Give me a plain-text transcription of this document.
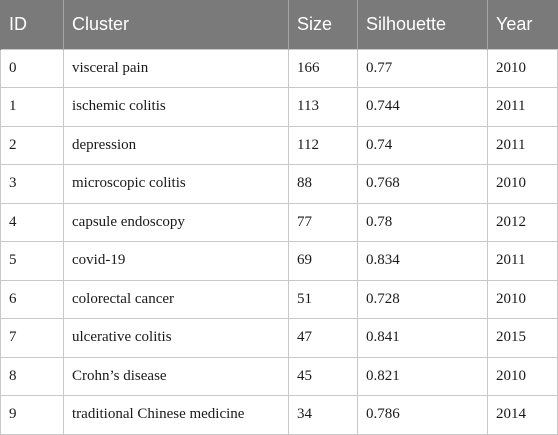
ID	Cluster	Size	Silhouette	Year
0	visceral pain	166	0.77	2010
1	ischemic colitis	113	0.744	2011
2	depression	112	0.74	2011
3	microscopic colitis	88	0.768	2010
4	capsule endoscopy	77	0.78	2012
5	covid-19	69	0.834	2011
6	colorectal cancer	51	0.728	2010
7	ulcerative colitis	47	0.841	2015
8	Crohn’s disease	45	0.821	2010
9	traditional Chinese medicine	34	0.786	2014
